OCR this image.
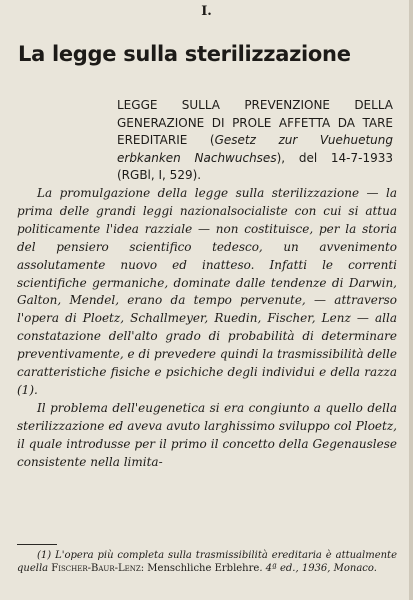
I.
La legge sulla sterilizzazione
LEGGE SULLA PREVENZIONE DELLA GENERAZIONE DI PROLE AFFETTA DA TARE EREDITARIE (Gesetz zur Vuehuetung erbkanken Nachwuchses), del 14-7-1933 (RGBl, I, 529).

La promulgazione della legge sulla sterilizzazione — la prima delle grandi leggi nazionalsocialiste con cui si attua politicamente l'idea razziale — non costituisce, per la storia del pensiero scientifico tedesco, un avvenimento assolutamente nuovo ed inatteso. Infatti le correnti scientifiche germaniche, dominate dalle tendenze di Darwin, Galton, Mendel, erano da tempo pervenute, — attraverso l'opera di Ploetz, Schallmeyer, Ruedin, Fischer, Lenz — alla constatazione dell'alto grado di probabilità di determinare preventivamente, e di prevedere quindi la trasmissibilità delle caratteristiche fisiche e psichiche degli individui e della razza (1).

Il problema dell'eugenetica si era congiunto a quello della sterilizzazione ed aveva avuto larghissimo sviluppo col Ploetz, il quale introdusse per il primo il concetto della Gegenauslese consistente nella limita-

(1) L'opera più completa sulla trasmissibilità ereditaria è attualmente quella Fischer-Baur-Lenz: Menschliche Erblehre. 4ª ed., 1936, Monaco.
